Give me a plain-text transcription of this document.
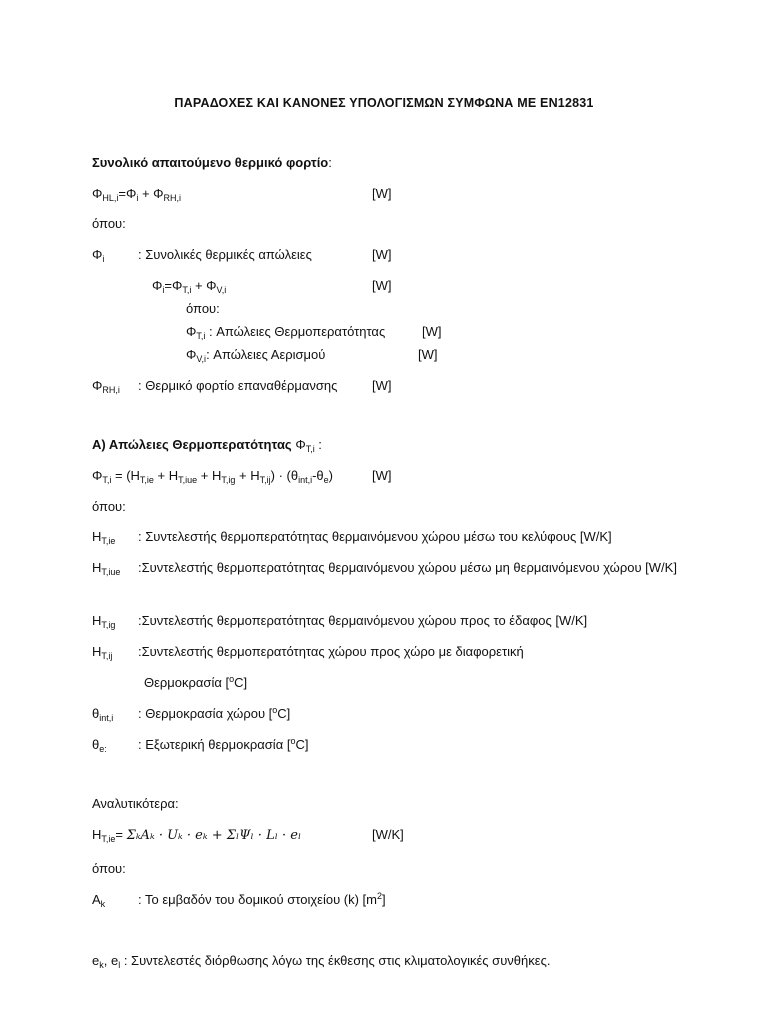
ΠΑΡΑΔΟΧΕΣ ΚΑΙ ΚΑΝΟΝΕΣ ΥΠΟΛΟΓΙΣΜΩΝ ΣΥΜΦΩΝΑ ΜΕ ΕΝ12831
Συνολικό απαιτούμενο θερμικό φορτίο:
$\Phi_{HL,i}=\Phi_i + \Phi_{RH,i}$	[W]
όπου:
$\Phi_i$	: Συνολικές θερμικές απώλειες	[W]
$\Phi_i=\Phi_{T,i} + \Phi_{V,i}$	[W]
όπου:
$\Phi_{T,i}$ : Απώλειες Θερμοπερατότητας	[W]
$\Phi_{V,i}$: Απώλειες Αερισμού	[W]
$\Phi_{RH,i}$ : Θερμικό φορτίο επαναθέρμανσης	[W]
Α) Απώλειες Θερμοπερατότητας $\Phi_{T,i}$ :
$\Phi_{T,i} = (H_{T,ie} + H_{T,iue} + H_{T,ig} + H_{T,ij}) \cdot (\theta_{int,i}-\theta_e)$	[W]
όπου:
$H_{T,ie}$ : Συντελεστής θερμοπερατότητας θερμαινόμενου χώρου μέσω του κελύφους [W/K]
$H_{T,iue}$ :Συντελεστής θερμοπερατότητας θερμαινόμενου χώρου μέσω μη θερμαινόμενου χώρου [W/K]
$H_{T,ig}$ :Συντελεστής θερμοπερατότητας θερμαινόμενου χώρου προς το έδαφος [W/K]
$H_{T,ij}$ :Συντελεστής θερμοπερατότητας χώρου προς χώρο με διαφορετική
Θερμοκρασία [$^o$C]
$\theta_{int,i}$ : Θερμοκρασία χώρου [$^o$C]
$\theta_{e:}$ : Εξωτερική θερμοκρασία [$^o$C]
Αναλυτικότερα:
$H_{T,ie}= \Sigma_kA_k \cdot U_k \cdot e_k + \Sigma_l\Psi_l \cdot L_l \cdot e_l$	[W/K]
όπου:
$A_k$	: Το εμβαδόν του δομικού στοιχείου (k) $[m^2]$
$e_k$, $e_l$ : Συντελεστές διόρθωσης λόγω της έκθεσης στις κλιματολογικές συνθήκες.
